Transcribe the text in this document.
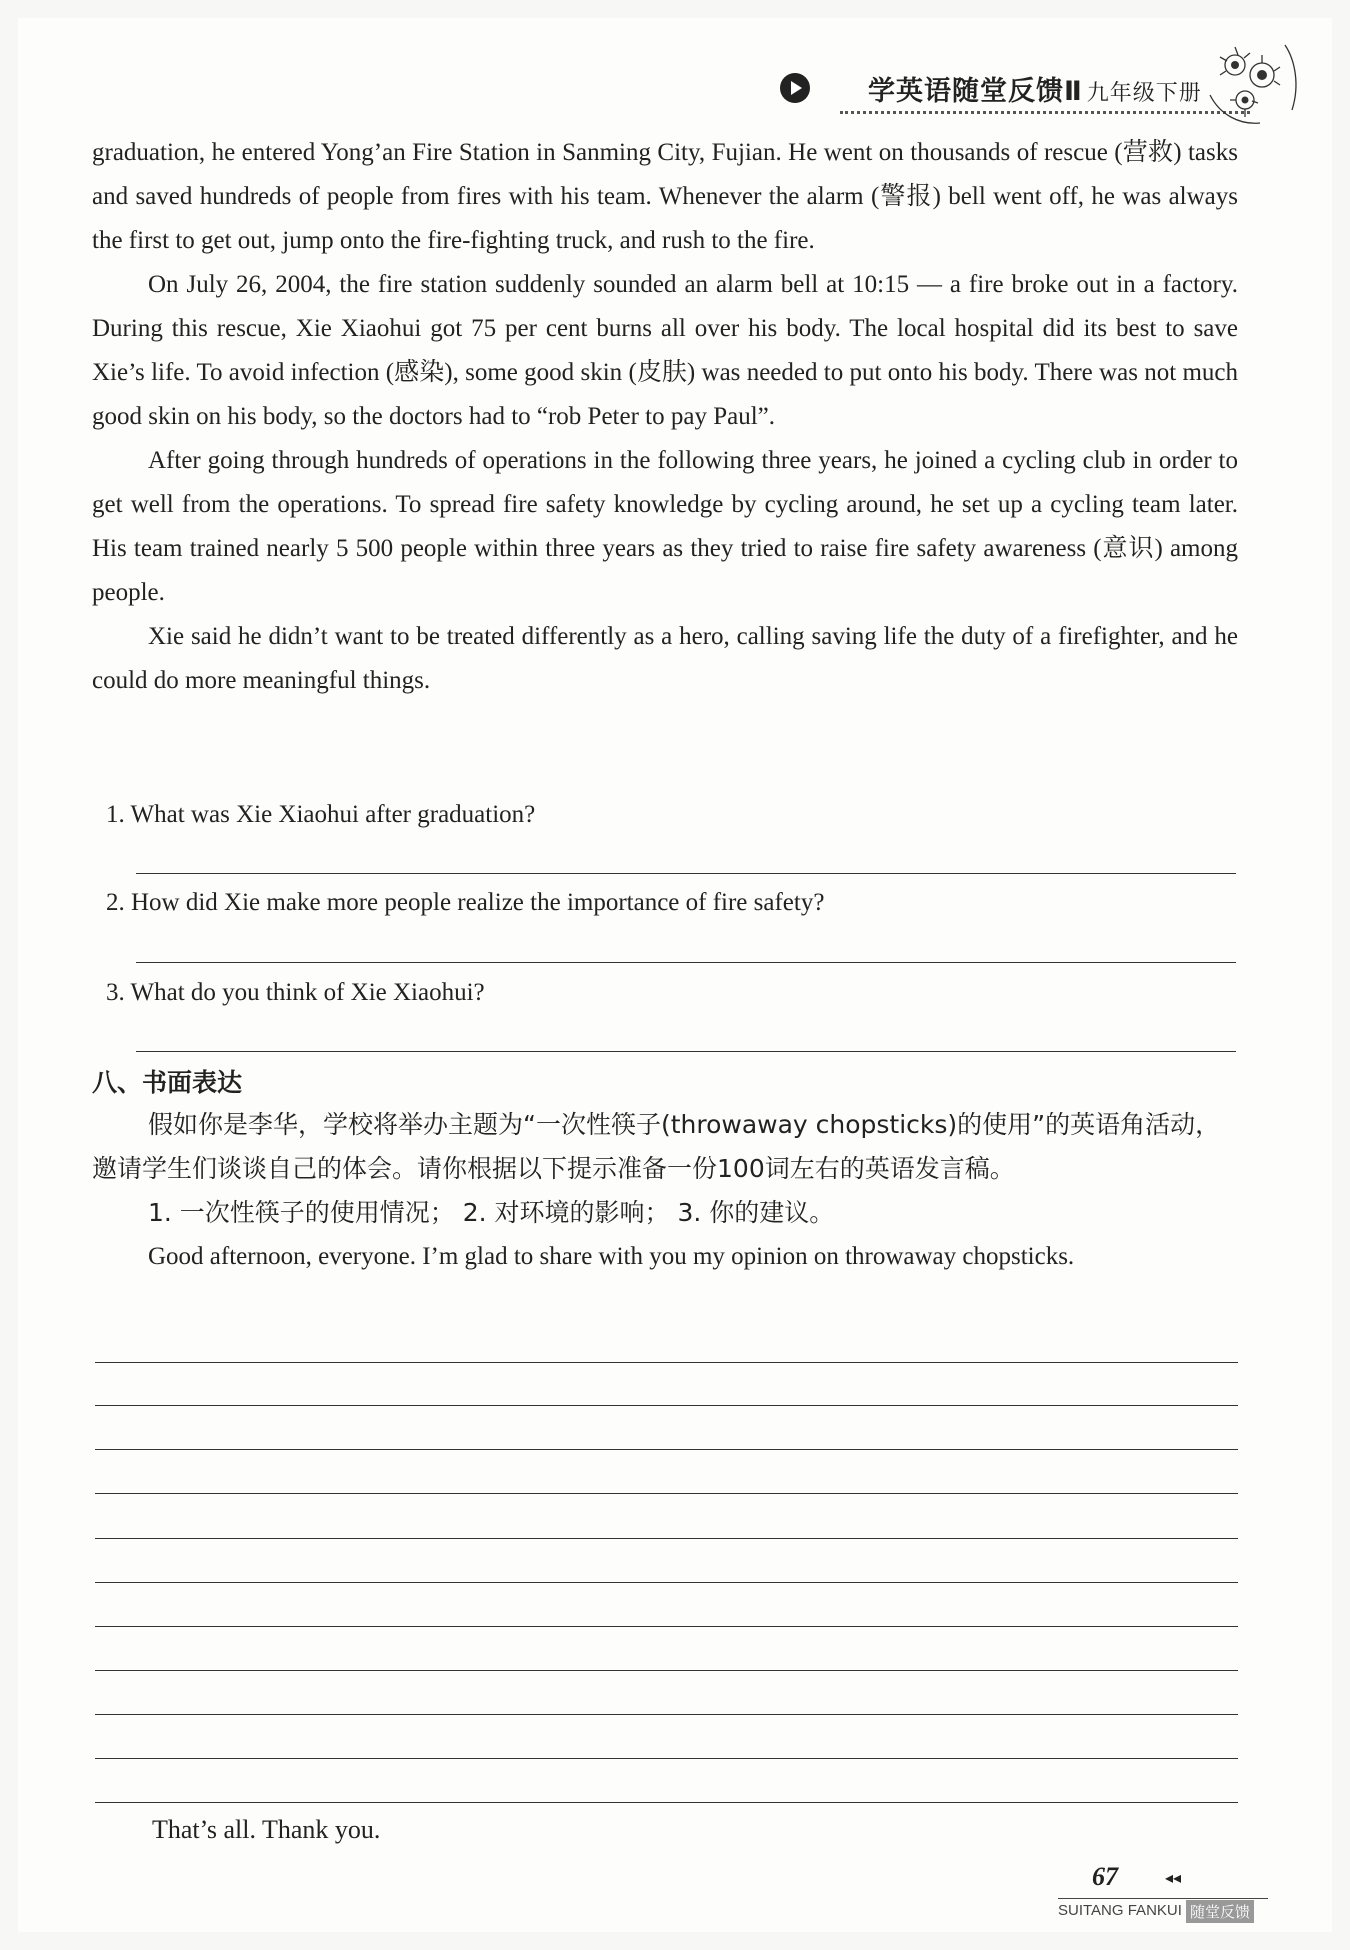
学英语随堂反馈Ⅱ 九年级下册

graduation, he entered Yong’an Fire Station in Sanming City, Fujian. He went on thousands of rescue (营救) tasks and saved hundreds of people from fires with his team. Whenever the alarm (警报) bell went off, he was always the first to get out, jump onto the fire-fighting truck, and rush to the fire.

On July 26, 2004, the fire station suddenly sounded an alarm bell at 10:15 — a fire broke out in a factory. During this rescue, Xie Xiaohui got 75 per cent burns all over his body. The local hospital did its best to save Xie’s life. To avoid infection (感染), some good skin (皮肤) was needed to put onto his body. There was not much good skin on his body, so the doctors had to “rob Peter to pay Paul”.

After going through hundreds of operations in the following three years, he joined a cycling club in order to get well from the operations. To spread fire safety knowledge by cycling around, he set up a cycling team later. His team trained nearly 5 500 people within three years as they tried to raise fire safety awareness (意识) among people.

Xie said he didn’t want to be treated differently as a hero, calling saving life the duty of a firefighter, and he could do more meaningful things.

1. What was Xie Xiaohui after graduation?
2. How did Xie make more people realize the importance of fire safety?
3. What do you think of Xie Xiaohui?
八、书面表达

假如你是李华，学校将举办主题为“一次性筷子(throwaway chopsticks)的使用”的英语角活动，邀请学生们谈谈自己的体会。请你根据以下提示准备一份100词左右的英语发言稿。

1. 一次性筷子的使用情况； 2. 对环境的影响； 3. 你的建议。

Good afternoon, everyone. I’m glad to share with you my opinion on throwaway chopsticks.

That’s all. Thank you.
67	◂◂
SUITANG FANKUI 随堂反馈
